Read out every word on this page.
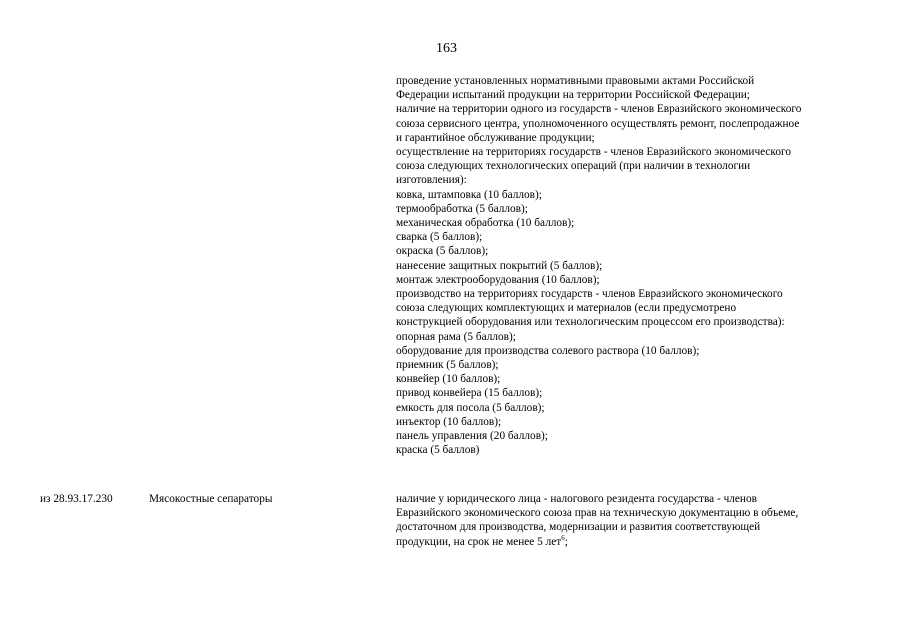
163
проведение установленных нормативными правовыми актами Российской
Федерации испытаний продукции на территории Российской Федерации;
наличие на территории одного из государств - членов Евразийского экономического
союза сервисного центра, уполномоченного осуществлять ремонт, послепродажное
и гарантийное обслуживание продукции;
осуществление на территориях государств - членов Евразийского экономического
союза следующих технологических операций (при наличии в технологии
изготовления):
ковка, штамповка (10 баллов);
термообработка (5 баллов);
механическая обработка (10 баллов);
сварка (5 баллов);
окраска (5 баллов);
нанесение защитных покрытий (5 баллов);
монтаж электрооборудования (10 баллов);
производство на территориях государств - членов Евразийского экономического
союза следующих комплектующих и материалов (если предусмотрено
конструкцией оборудования или технологическим процессом его производства):
опорная рама (5 баллов);
оборудование для производства солевого раствора (10 баллов);
приемник (5 баллов);
конвейер (10 баллов);
привод конвейера (15 баллов);
емкость для посола (5 баллов);
инъектор (10 баллов);
панель управления (20 баллов);
краска (5 баллов)
из 28.93.17.230	Мясокостные сепараторы	наличие у юридического лица - налогового резидента государства - членов
Евразийского экономического союза прав на техническую документацию в объеме,
достаточном для производства, модернизации и развития соответствующей
продукции, на срок не менее 5 лет$^6$;
